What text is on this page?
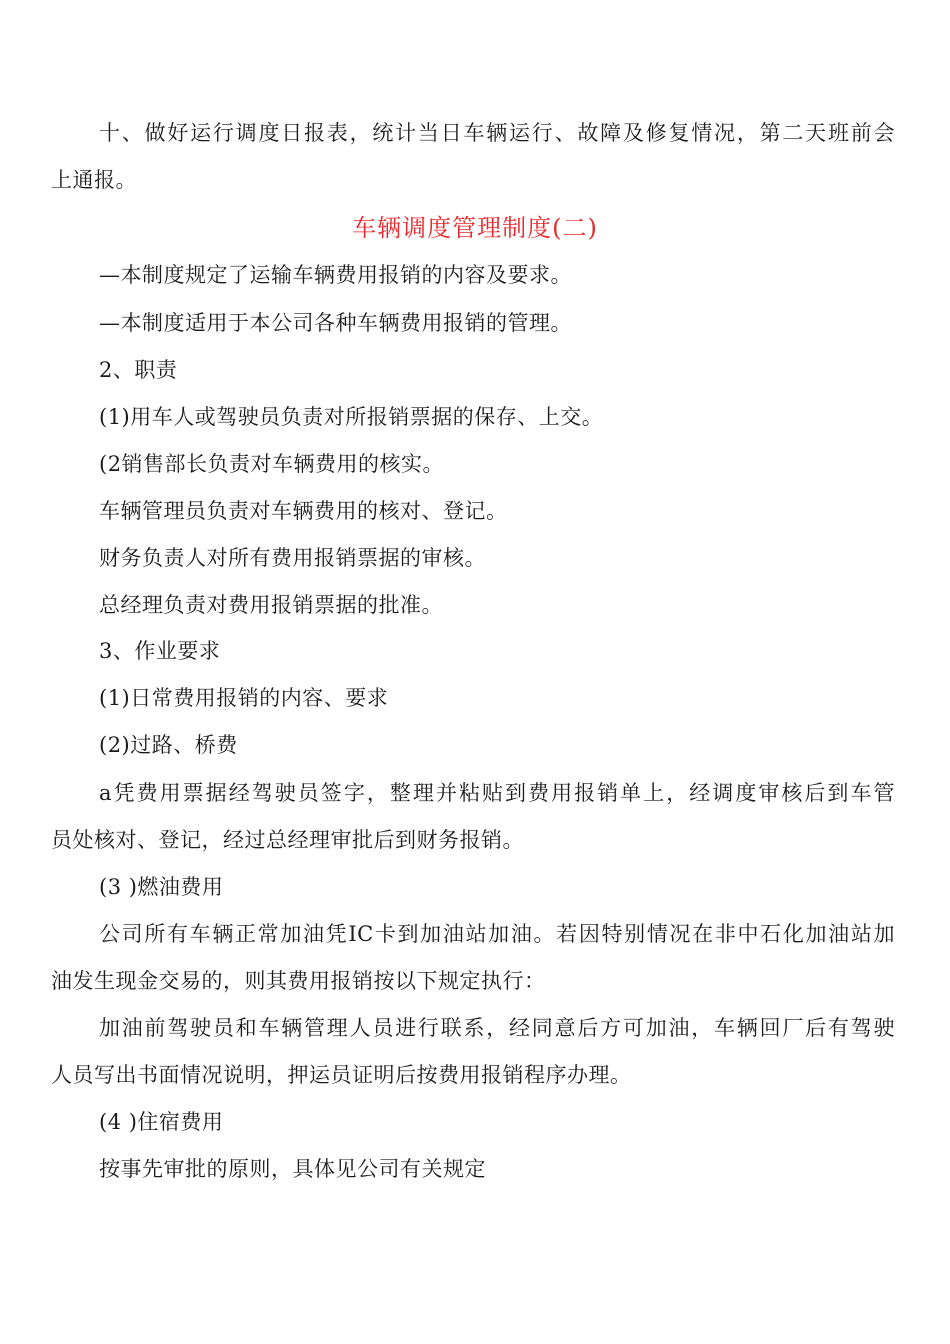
十、做好运行调度日报表，统计当日车辆运行、故障及修复情况，第二天班前会
上通报。
车辆调度管理制度(二)
—本制度规定了运输车辆费用报销的内容及要求。
—本制度适用于本公司各种车辆费用报销的管理。
2、职责
(1)用车人或驾驶员负责对所报销票据的保存、上交。
(2销售部长负责对车辆费用的核实。
车辆管理员负责对车辆费用的核对、登记。
财务负责人对所有费用报销票据的审核。
总经理负责对费用报销票据的批准。
3、作业要求
(1)日常费用报销的内容、要求
(2)过路、桥费
a凭费用票据经驾驶员签字，整理并粘贴到费用报销单上，经调度审核后到车管
员处核对、登记，经过总经理审批后到财务报销。
(3 )燃油费用
公司所有车辆正常加油凭IC卡到加油站加油。若因特别情况在非中石化加油站加
油发生现金交易的，则其费用报销按以下规定执行：
加油前驾驶员和车辆管理人员进行联系，经同意后方可加油，车辆回厂后有驾驶
人员写出书面情况说明，押运员证明后按费用报销程序办理。
(4 )住宿费用
按事先审批的原则，具体见公司有关规定
